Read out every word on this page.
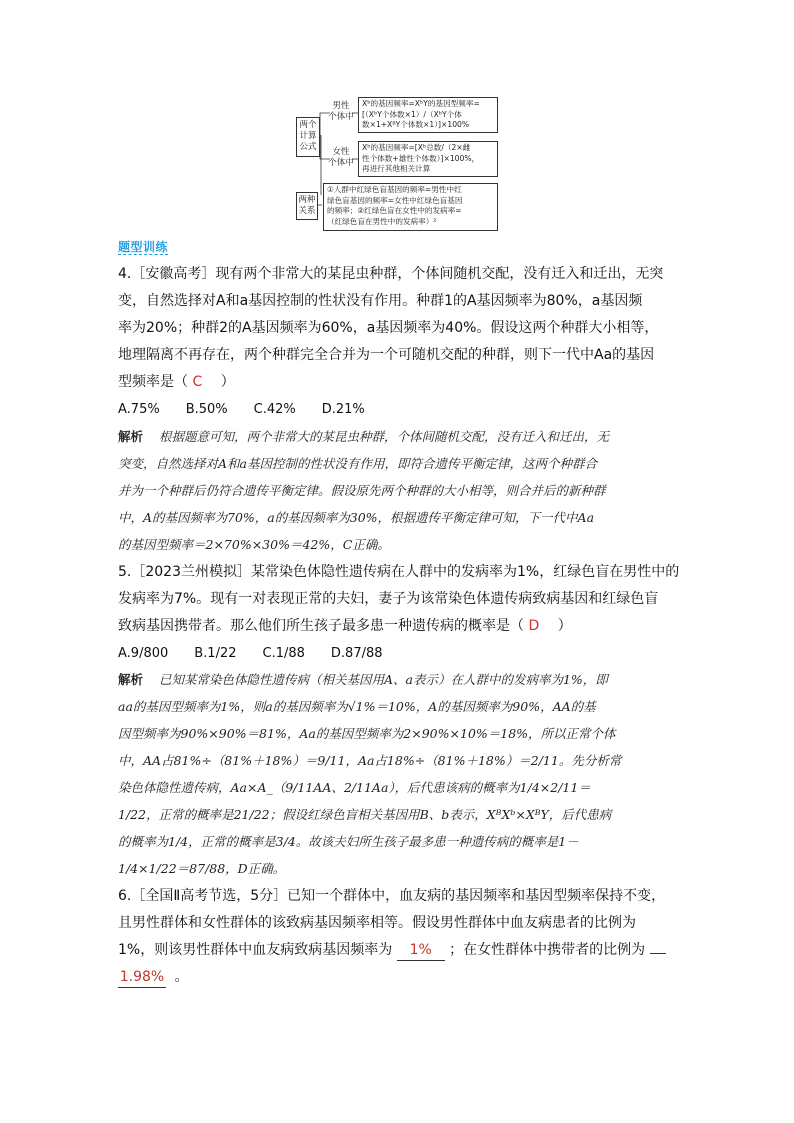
两个
计算
公式
男性
个体中
Xᵇ的基因频率=XᵇY的基因型频率=
[（XᵇY个体数×1）/（XᵇY个体
数×1+XᴮY个体数×1）]×100%
女性
个体中
Xᵇ的基因频率=[Xᵇ总数/（2×雌
性个体数+雄性个体数）]×100%，
再进行其他相关计算
两种
关系
①人群中红绿色盲基因的频率=男性中红
绿色盲基因的频率=女性中红绿色盲基因
的频率；②红绿色盲在女性中的发病率=
（红绿色盲在男性中的发病率）²
题型训练
4.［安徽高考］现有两个非常大的某昆虫种群，个体间随机交配，没有迁入和迁出，无突
变，自然选择对A和a基因控制的性状没有作用。种群1的A基因频率为80%，a基因频
率为20%；种群2的A基因频率为60%，a基因频率为40%。假设这两个种群大小相等，
地理隔离不再存在，两个种群完全合并为一个可随机交配的种群，则下一代中Aa的基因
型频率是（ C ）
A.75%　　B.50%　　C.42%　　D.21%
解析 根据题意可知，两个非常大的某昆虫种群，个体间随机交配，没有迁入和迁出，无
突变，自然选择对A和a基因控制的性状没有作用，即符合遗传平衡定律，这两个种群合
并为一个种群后仍符合遗传平衡定律。假设原先两个种群的大小相等，则合并后的新种群
中，A的基因频率为70%，a的基因频率为30%，根据遗传平衡定律可知，下一代中Aa
的基因型频率＝2×70%×30%＝42%，C正确。
5.［2023兰州模拟］某常染色体隐性遗传病在人群中的发病率为1%，红绿色盲在男性中的
发病率为7%。现有一对表现正常的夫妇，妻子为该常染色体遗传病致病基因和红绿色盲
致病基因携带者。那么他们所生孩子最多患一种遗传病的概率是（ D ）
A.9/800　　B.1/22　　C.1/88　　D.87/88
解析 已知某常染色体隐性遗传病（相关基因用A、a表示）在人群中的发病率为1%，即
aa的基因型频率为1%，则a的基因频率为√1%＝10%，A的基因频率为90%，AA的基
因型频率为90%×90%＝81%，Aa的基因型频率为2×90%×10%＝18%，所以正常个体
中，AA占81%÷（81%＋18%）＝9/11，Aa占18%÷（81%＋18%）＝2/11。先分析常
染色体隐性遗传病，Aa×A_（9/11AA、2/11Aa），后代患该病的概率为1/4×2/11＝
1/22，正常的概率是21/22；假设红绿色盲相关基因用B、b表示，XᴮXᵇ×XᴮY，后代患病
的概率为1/4，正常的概率是3/4。故该夫妇所生孩子最多患一种遗传病的概率是1－
1/4×1/22＝87/88，D正确。
6.［全国Ⅱ高考节选，5分］已知一个群体中，血友病的基因频率和基因型频率保持不变，
且男性群体和女性群体的该致病基因频率相等。假设男性群体中血友病患者的比例为
1%，则该男性群体中血友病致病基因频率为 1% ；在女性群体中携带者的比例为
1.98% 。
